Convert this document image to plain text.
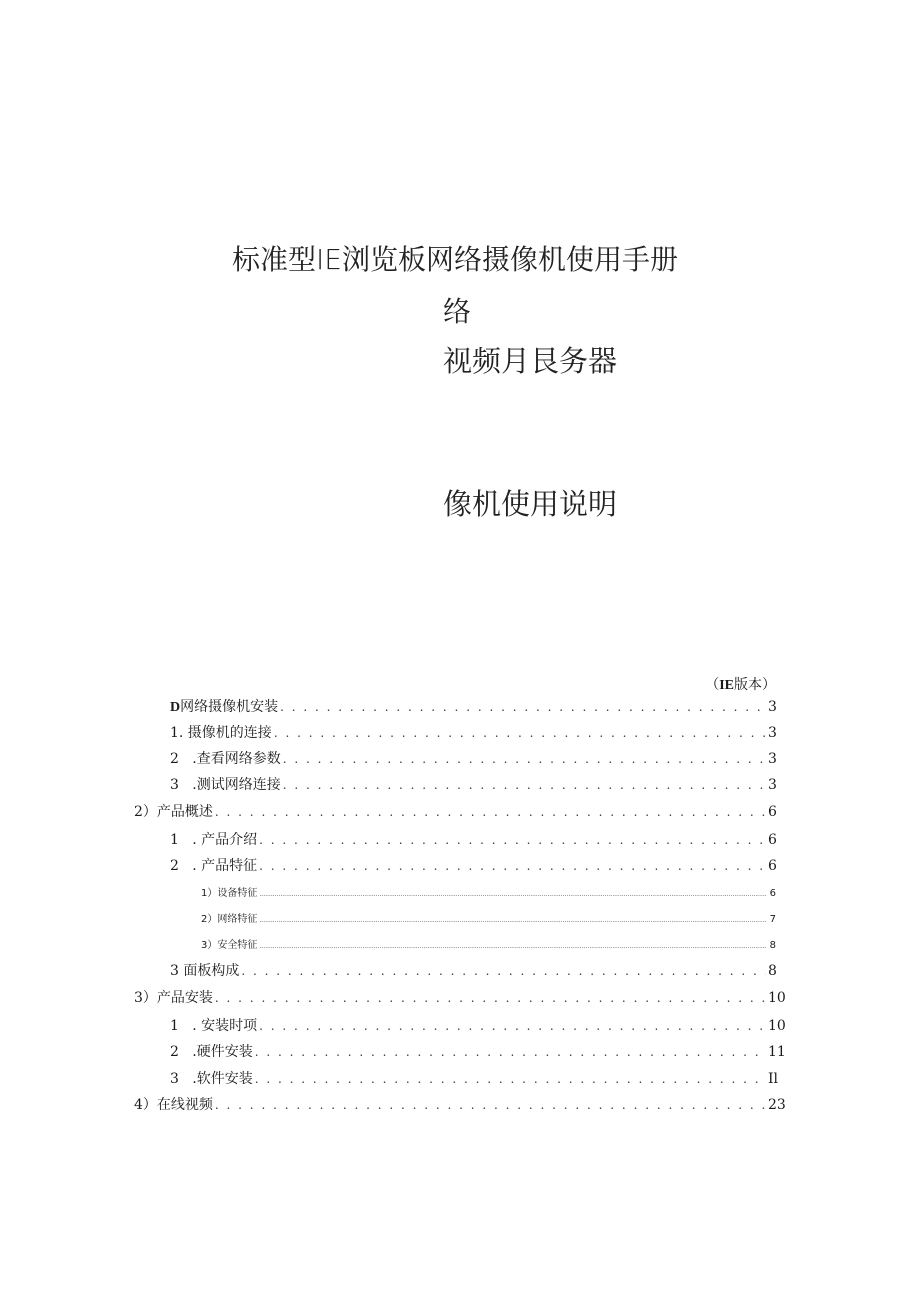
标准型IE浏览板网络摄像机使用手册
络
视频月艮务器
像机使用说明
（IE版本）
D网络摄像机安装 . . .	3
1. 摄像机的连接 . . .	3
2   .查看网络参数 . . .	3
3   .测试网络连接 . . .	3
2）产品概述 . . .	6
1   . 产品介绍 . . .	6
2   . 产品特征 . . .	6
1）设备特征 .....	6
2）网络特征 .....	7
3）安全特征 .....	8
3 面板构成 . . .	8
3）产品安装 . . .	10
1   . 安装时项 . . .	10
2   .硬件安装 . . .	11
3   .软件安装 . . .	Il
4）在线视频 . . .	23
